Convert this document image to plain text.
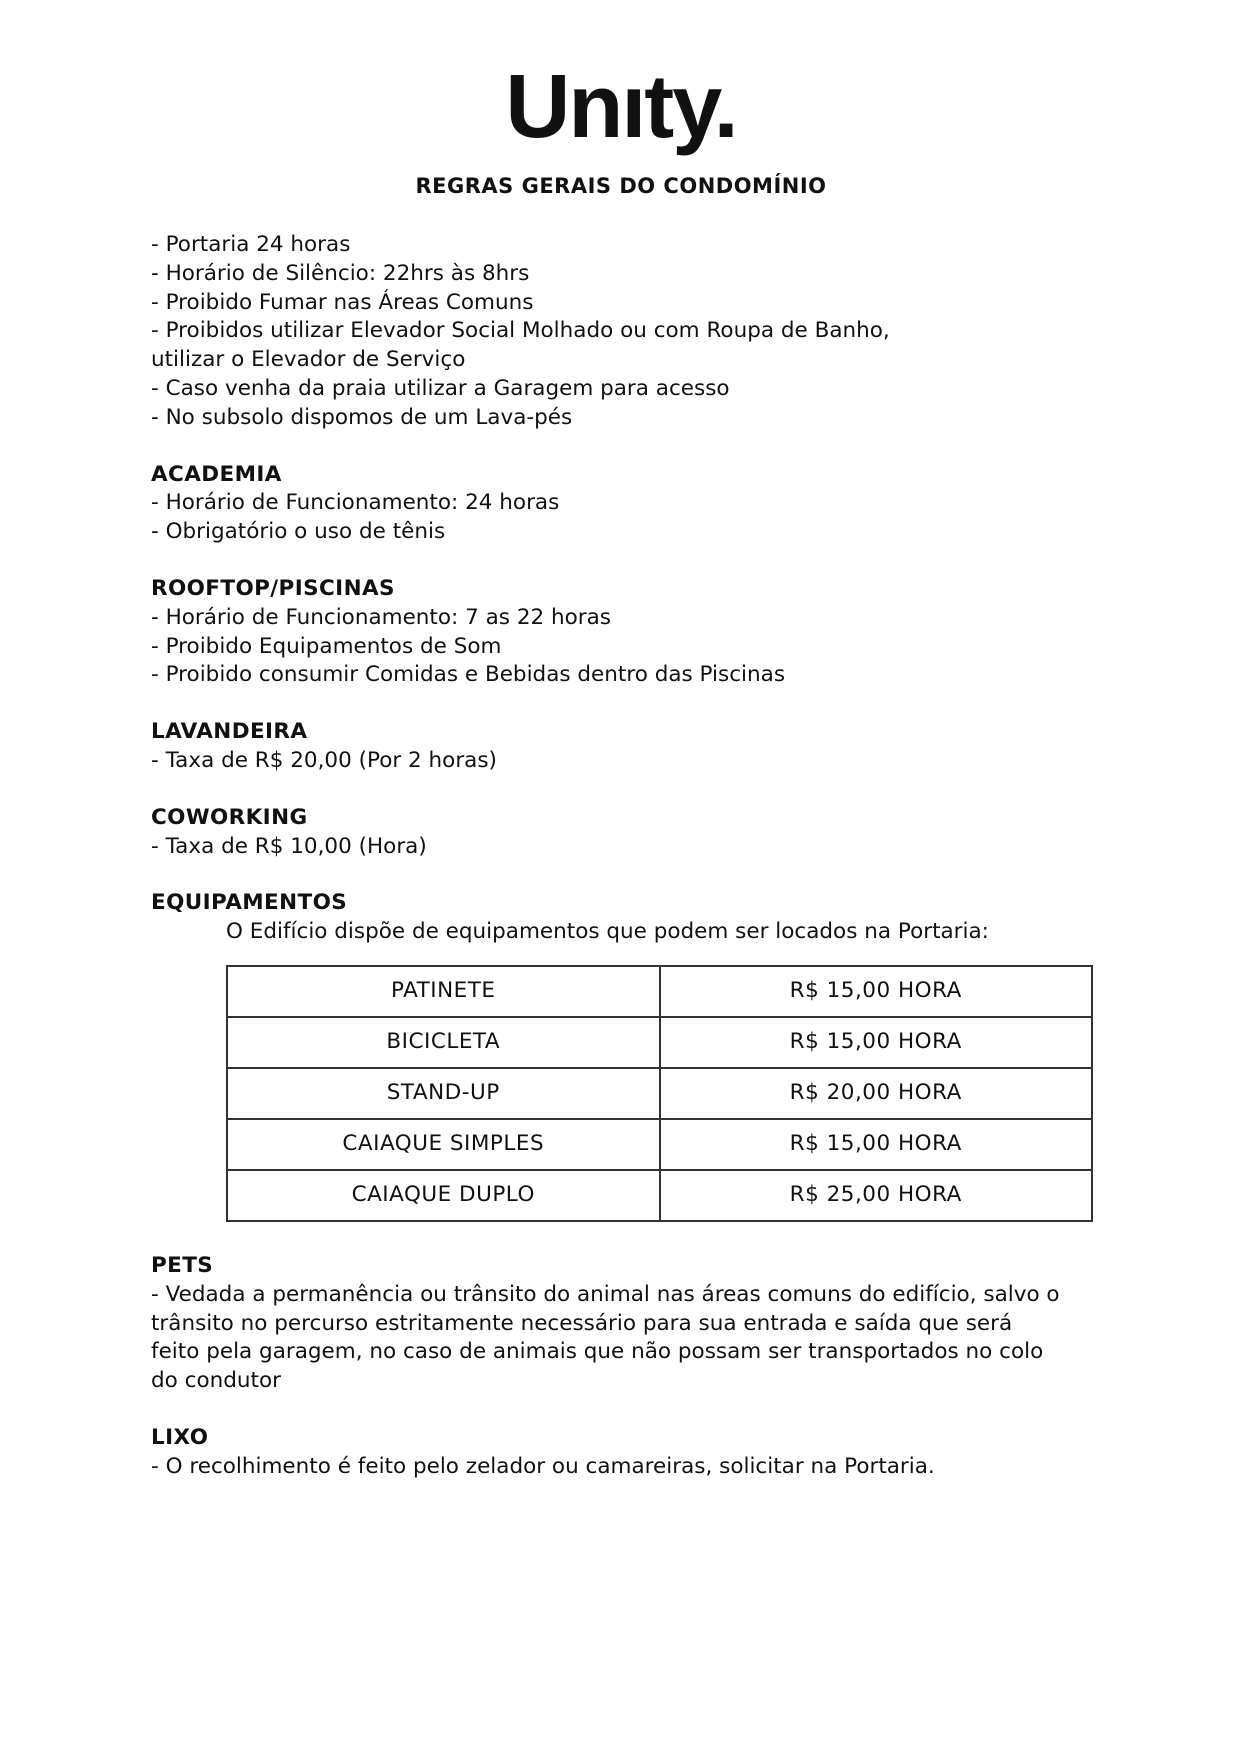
Unıty.
REGRAS GERAIS DO CONDOMÍNIO
- Portaria 24 horas
- Horário de Silêncio: 22hrs às 8hrs
- Proibido Fumar nas Áreas Comuns
- Proibidos utilizar Elevador Social Molhado ou com Roupa de Banho,
utilizar o Elevador de Serviço
- Caso venha da praia utilizar a Garagem para acesso
- No subsolo dispomos de um Lava-pés
ACADEMIA
- Horário de Funcionamento: 24 horas
- Obrigatório o uso de tênis
ROOFTOP/PISCINAS
- Horário de Funcionamento: 7 as 22 horas
- Proibido Equipamentos de Som
- Proibido consumir Comidas e Bebidas dentro das Piscinas
LAVANDEIRA
- Taxa de R$ 20,00 (Por 2 horas)
COWORKING
- Taxa de R$ 10,00 (Hora)
EQUIPAMENTOS
O Edifício dispõe de equipamentos que podem ser locados na Portaria:
PATINETE	R$ 15,00 HORA
BICICLETA	R$ 15,00 HORA
STAND-UP	R$ 20,00 HORA
CAIAQUE SIMPLES	R$ 15,00 HORA
CAIAQUE DUPLO	R$ 25,00 HORA
PETS
- Vedada a permanência ou trânsito do animal nas áreas comuns do edifício, salvo o
trânsito no percurso estritamente necessário para sua entrada e saída que será
feito pela garagem, no caso de animais que não possam ser transportados no colo
do condutor
LIXO
- O recolhimento é feito pelo zelador ou camareiras, solicitar na Portaria.
